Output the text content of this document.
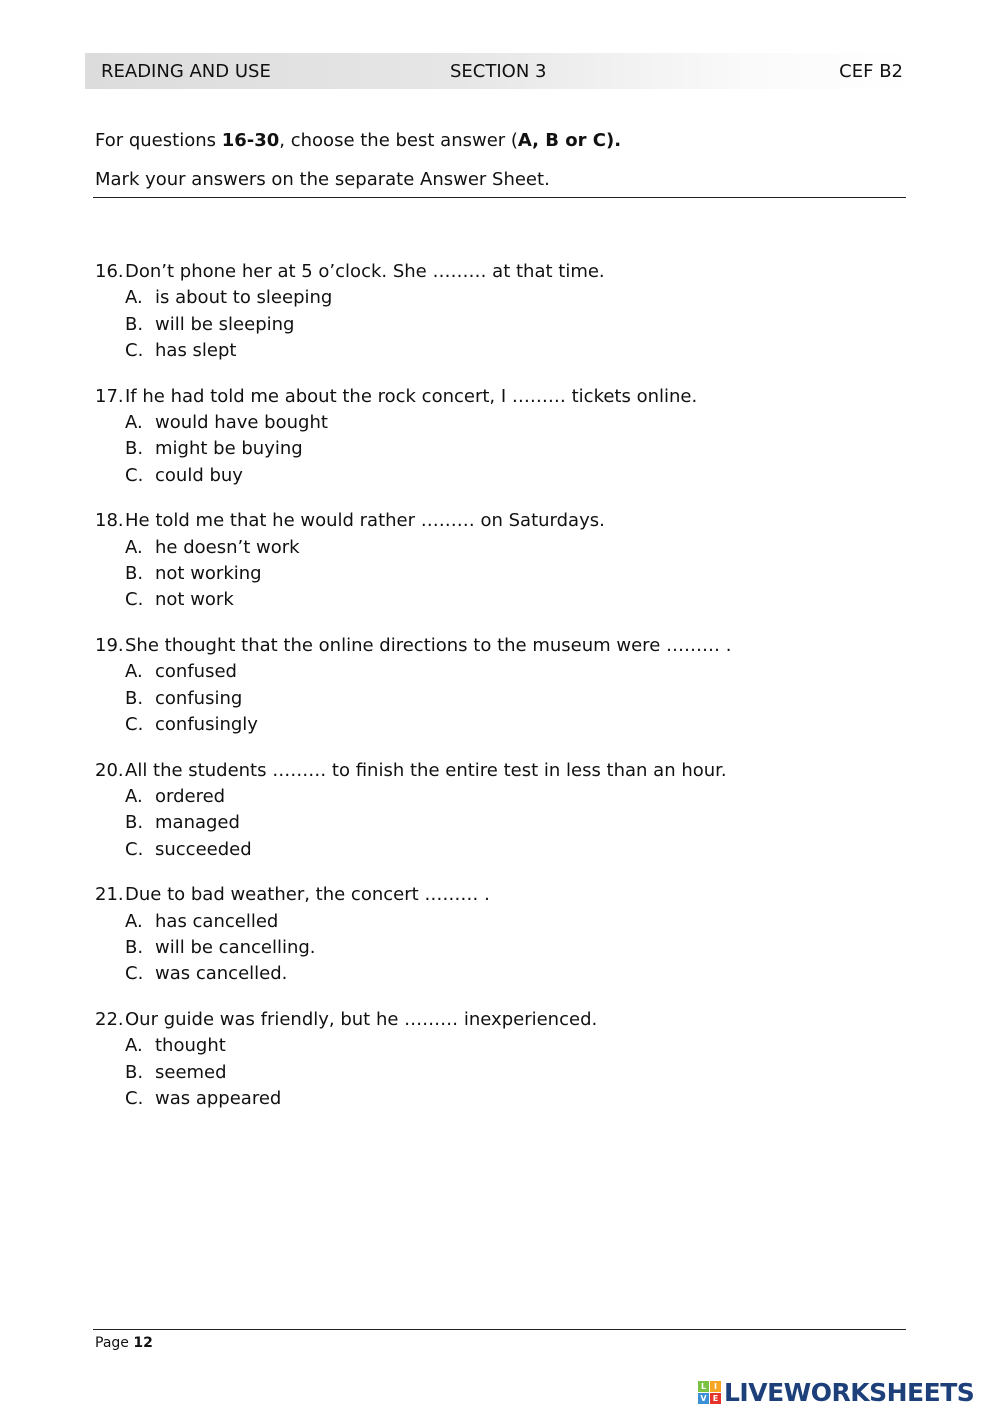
READING AND USE	SECTION 3	CEF B2
For questions 16-30, choose the best answer (A, B or C).
Mark your answers on the separate Answer Sheet.
16.Don’t phone her at 5 o’clock. She ……… at that time.
A. is about to sleeping
B. will be sleeping
C. has slept
17.If he had told me about the rock concert, I ……… tickets online.
A. would have bought
B. might be buying
C. could buy
18.He told me that he would rather ……… on Saturdays.
A. he doesn’t work
B. not working
C. not work
19.She thought that the online directions to the museum were ……… .
A. confused
B. confusing
C. confusingly
20.All the students ……… to finish the entire test in less than an hour.
A. ordered
B. managed
C. succeeded
21.Due to bad weather, the concert ……… .
A. has cancelled
B. will be cancelling.
C. was cancelled.
22.Our guide was friendly, but he ……… inexperienced.
A. thought
B. seemed
C. was appeared
Page 12
L I
V E LIVEWORKSHEETS
